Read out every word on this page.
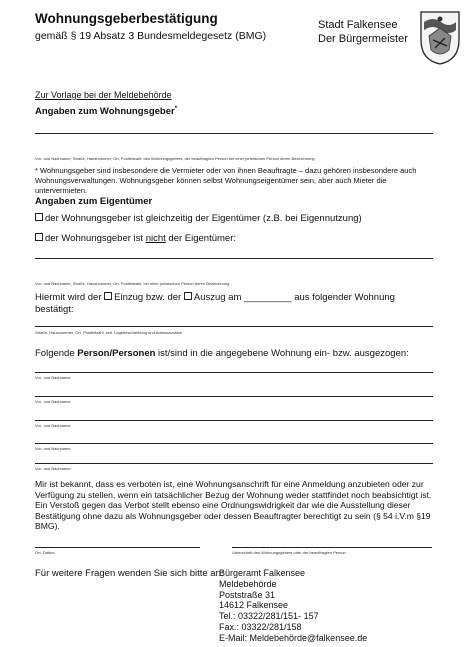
Wohnungsgeberbestätigung
gemäß § 19 Absatz 3 Bundesmeldegesetz (BMG)
Stadt Falkensee
Der Bürgermeister
Zur Vorlage bei der Meldebehörde
Angaben zum Wohnungsgeber*
Vor- und Nachname, Straße, Hausnummer, Ort, Postleitzahl, des Wohnungsgebers, der beauftragten Person bei einer juristischen Person deren Bezeichnung
* Wohnungsgeber sind insbesondere die Vermieter oder von ihnen Beauftragte – dazu gehören insbesondere auch Wohnungsverwaltungen. Wohnungsgeber können selbst Wohnungseigentümer sein, aber auch Mieter die untervermieten.
Angaben zum Eigentümer
der Wohnungsgeber ist gleichzeitig der Eigentümer (z.B. bei Eigennutzung)
der Wohnungsgeber ist nicht der Eigentümer:
Vor- und Nachname, Straße, Hausnummer, Ort, Postleitzahl, bei einer juristischen Person deren Bezeichnung
Hiermit wird der Einzug bzw. der Auszug am _________ aus folgender Wohnung
bestätigt:
Straße, Hausnummer, Ort, Postleitzahl, evtl. Lagebeschreibung und Adresszusätze
Folgende Person/Personen ist/sind in die angegebene Wohnung ein- bzw. ausgezogen:
Vor- und Nachname
Vor- und Nachname
Vor- und Nachname
Vor- und Nachname
Vor- und Nachname
Mir ist bekannt, dass es verboten ist, eine Wohnungsanschrift für eine Anmeldung anzubieten oder zur Verfügung zu stellen, wenn ein tatsächlicher Bezug der Wohnung weder stattfindet noch beabsichtigt ist. Ein Verstoß gegen das Verbot stellt ebenso eine Ordnungswidrigkeit dar wie die Ausstellung dieser Bestätigung ohne dazu als Wohnungsgeber oder dessen Beauftragter berechtigt zu sein (§ 54 i.V.m §19 BMG).
Ort, Datum	Unterschrift des Wohnungsgebers oder der beauftragten Person
Für weitere Fragen wenden Sie sich bitte an:
Bürgeramt Falkensee
Meldebehörde
Poststraße 31
14612 Falkensee
Tel.: 03322/281/151- 157
Fax.: 03322/281/158
E-Mail: Meldebehörde@falkensee.de
